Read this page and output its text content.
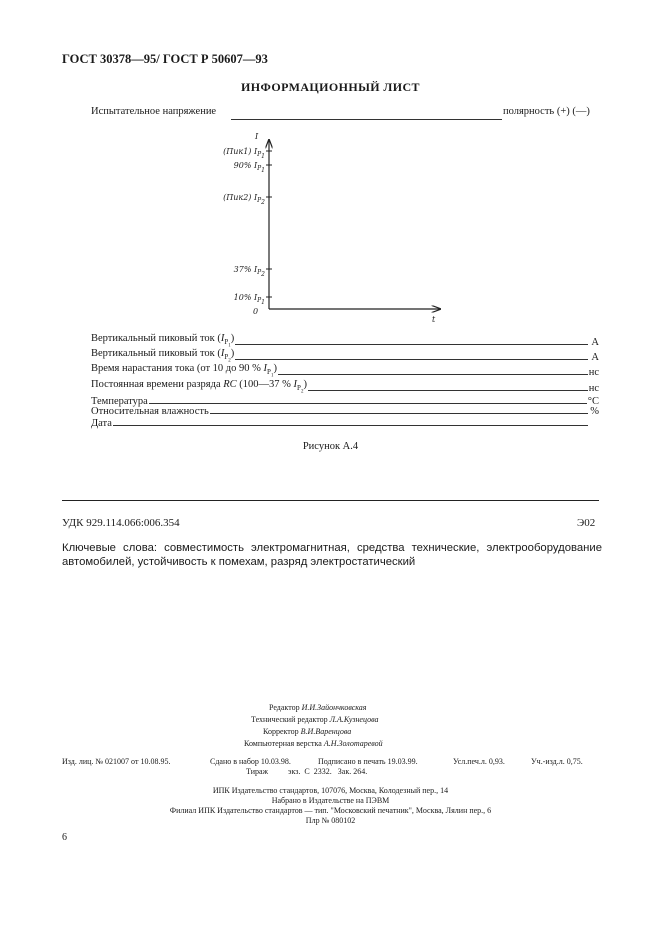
ГОСТ 30378—95/ ГОСТ Р 50607—93
ИНФОРМАЦИОННЫЙ ЛИСТ
Испытательное напряжение	полярность (+) (—)
I
t
0
(Пик1) $I_{P1}$
90% $I_{P1}$
(Пик2) $I_{P2}$
37% $I_{P2}$
10% $I_{P1}$
Вертикальный пиковый ток $(I_{P_1})$	А
Вертикальный пиковый ток $(I_{P_2})$	А
Время нарастания тока (от 10 до 90 % $I_{P_1}$)	нс
Постоянная времени разряда RC (100—37 % $I_{P_2}$)	нс
Температура	°C
Относительная влажность	%
Дата
Рисунок А.4
УДК 929.114.066:006.354	Э02
Ключевые слова: совместимость электромагнитная, средства технические, электрооборудование автомобилей, устойчивость к помехам, разряд электростатический
Редактор И.И.Зайончковская
Технический редактор Л.А.Кузнецова
Корректор В.И.Варенцова
Компьютерная верстка А.Н.Золотаревой
Изд. лиц. № 021007 от 10.08.95.	Сдано в набор 10.03.98.	Подписано в печать 19.03.99.	Усл.печ.л. 0,93.	Уч.-изд.л. 0,75.
Тираж          экз.  С  2332.   Зак. 264.
ИПК Издательство стандартов, 107076, Москва, Колодезный пер., 14
Набрано в Издательстве на ПЭВМ
Филиал ИПК Издательство стандартов — тип. "Московский печатник", Москва, Лялин пер., 6
Плр № 080102
6
